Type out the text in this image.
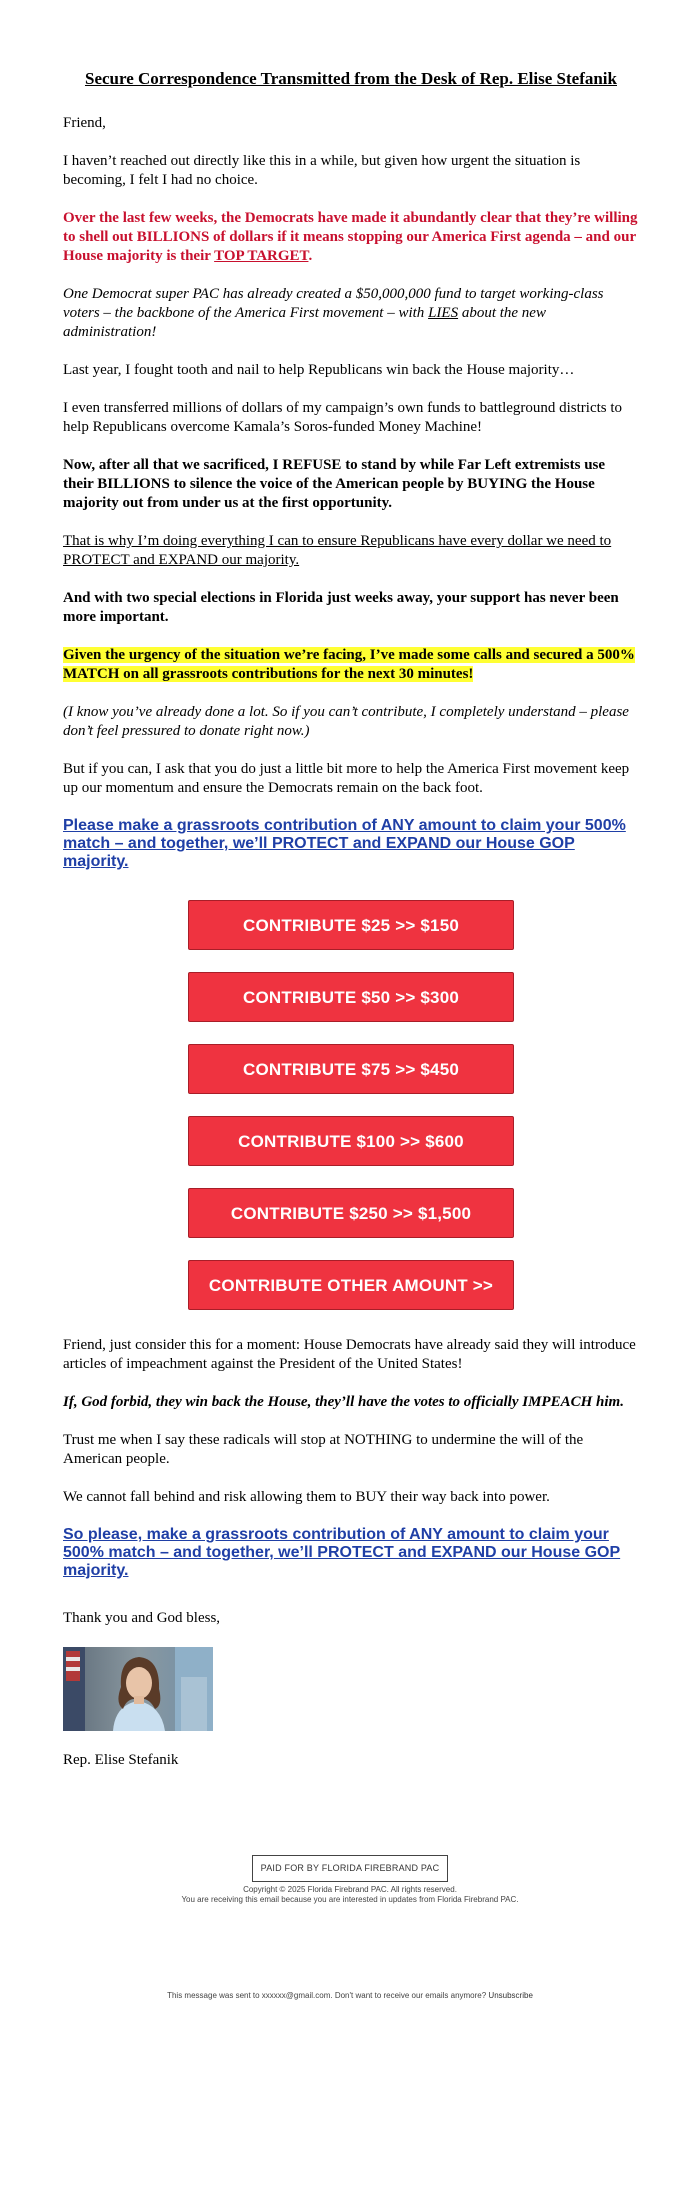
Secure Correspondence Transmitted from the Desk of Rep. Elise Stefanik

Friend,

I haven’t reached out directly like this in a while, but given how urgent the situation is becoming, I felt I had no choice.

Over the last few weeks, the Democrats have made it abundantly clear that they’re willing to shell out BILLIONS of dollars if it means stopping our America First agenda – and our House majority is their TOP TARGET.

One Democrat super PAC has already created a $50,000,000 fund to target working-class voters – the backbone of the America First movement – with LIES about the new administration!

Last year, I fought tooth and nail to help Republicans win back the House majority…

I even transferred millions of dollars of my campaign’s own funds to battleground districts to help Republicans overcome Kamala’s Soros-funded Money Machine!

Now, after all that we sacrificed, I REFUSE to stand by while Far Left extremists use their BILLIONS to silence the voice of the American people by BUYING the House majority out from under us at the first opportunity.

That is why I’m doing everything I can to ensure Republicans have every dollar we need to PROTECT and EXPAND our majority.

And with two special elections in Florida just weeks away, your support has never been more important.

Given the urgency of the situation we’re facing, I’ve made some calls and secured a 500% MATCH on all grassroots contributions for the next 30 minutes!

(I know you’ve already done a lot. So if you can’t contribute, I completely understand – please don’t feel pressured to donate right now.)

But if you can, I ask that you do just a little bit more to help the America First movement keep up our momentum and ensure the Democrats remain on the back foot.

Please make a grassroots contribution of ANY amount to claim your 500% match – and together, we’ll PROTECT and EXPAND our House GOP majority.
CONTRIBUTE $25 >> $150
CONTRIBUTE $50 >> $300
CONTRIBUTE $75 >> $450
CONTRIBUTE $100 >> $600
CONTRIBUTE $250 >> $1,500
CONTRIBUTE OTHER AMOUNT >>

Friend, just consider this for a moment: House Democrats have already said they will introduce articles of impeachment against the President of the United States!

If, God forbid, they win back the House, they’ll have the votes to officially IMPEACH him.

Trust me when I say these radicals will stop at NOTHING to undermine the will of the American people.

We cannot fall behind and risk allowing them to BUY their way back into power.

So please, make a grassroots contribution of ANY amount to claim your 500% match – and together, we’ll PROTECT and EXPAND our House GOP majority.

Thank you and God bless,

Rep. Elise Stefanik

PAID FOR BY FLORIDA FIREBRAND PAC
Copyright © 2025 Florida Firebrand PAC. All rights reserved.
You are receiving this email because you are interested in updates from Florida Firebrand PAC.
This message was sent to xxxxxx@gmail.com. Don't want to receive our emails anymore? Unsubscribe
